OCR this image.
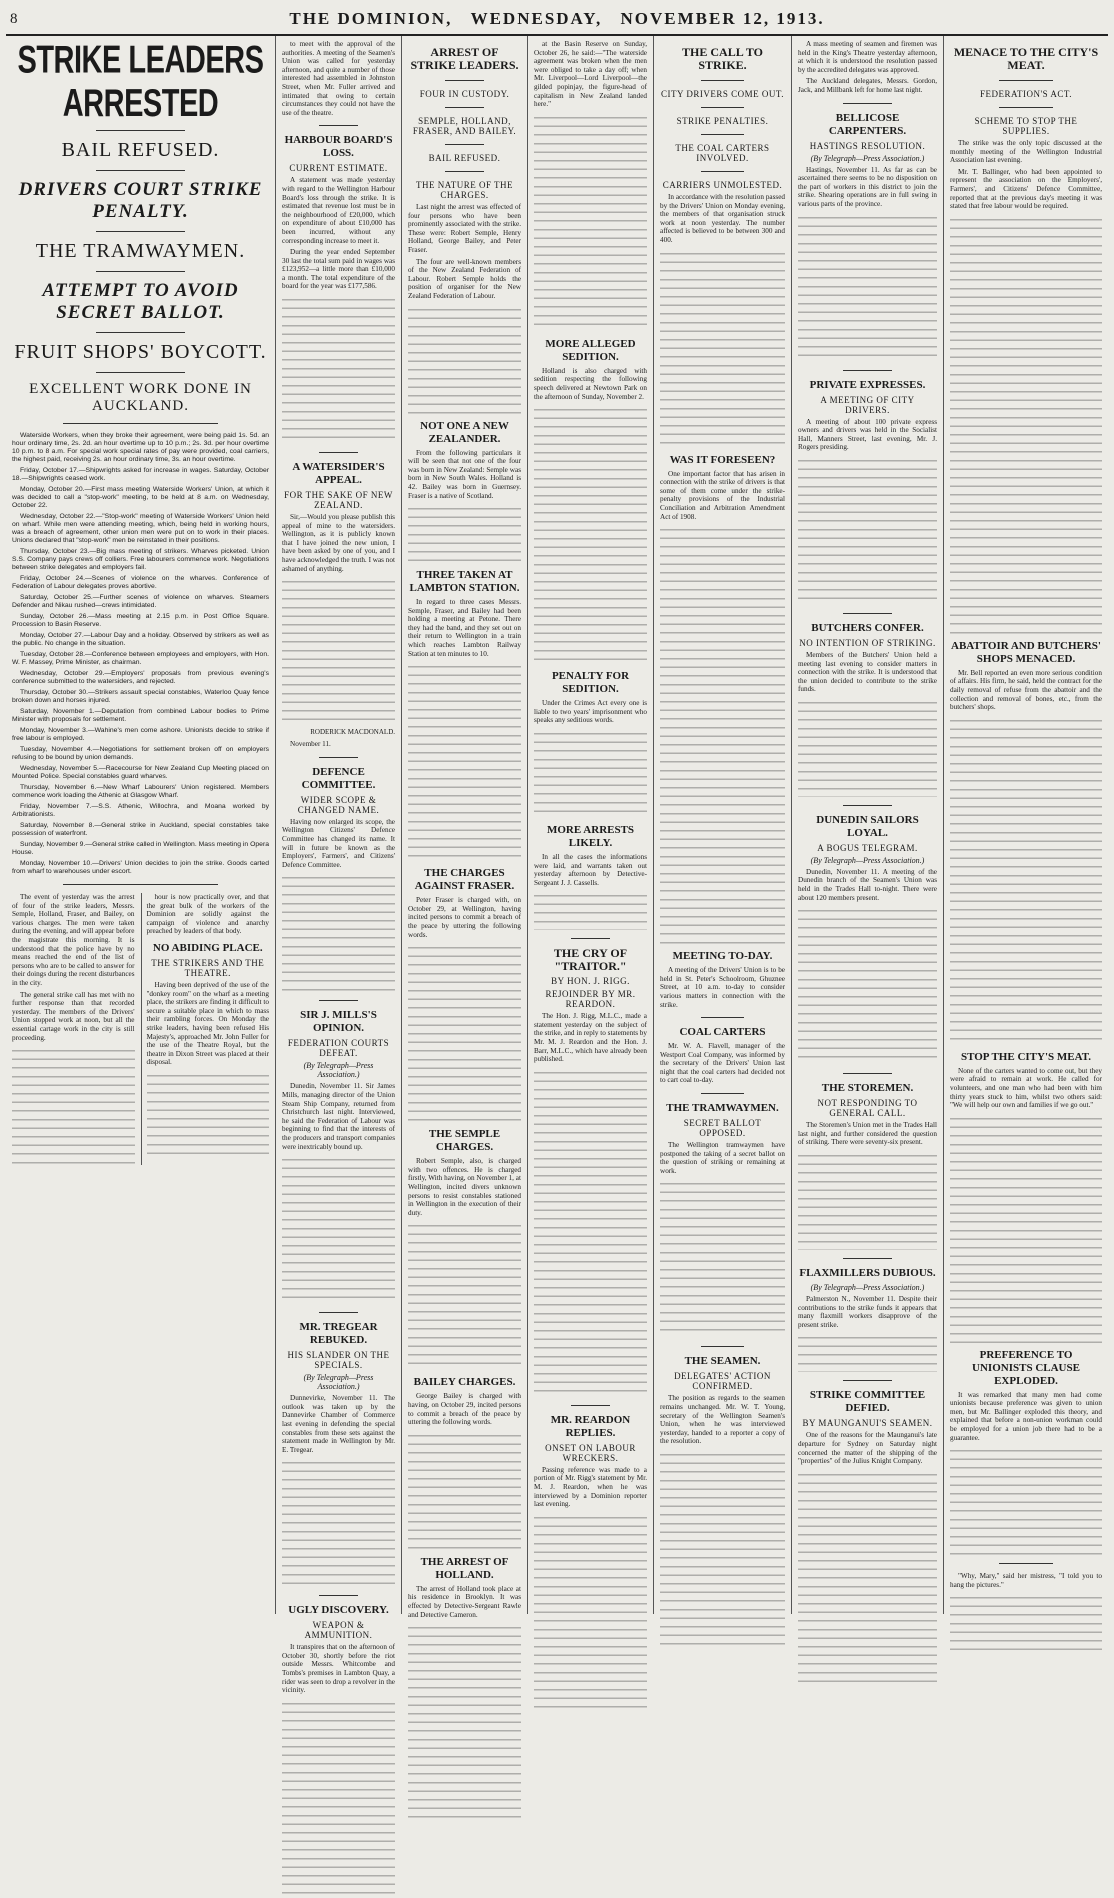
8	THE DOMINION, WEDNESDAY, NOVEMBER 12, 1913.
STRIKE LEADERS ARRESTED
BAIL REFUSED.
DRIVERS COURT STRIKE PENALTY.
THE TRAMWAYMEN.
ATTEMPT TO AVOID SECRET BALLOT.
FRUIT SHOPS' BOYCOTT.
EXCELLENT WORK DONE IN AUCKLAND.

Waterside Workers, when they broke their agreement, were being paid 1s. 5d. an hour ordinary time, 2s. 2d. an hour overtime up to 10 p.m.; 2s. 3d. per hour overtime 10 p.m. to 8 a.m. For special work special rates of pay were provided, coal carriers, the highest paid, receiving 2s. an hour ordinary time, 3s. an hour overtime.

Friday, October 17.—Shipwrights asked for increase in wages. Saturday, October 18.—Shipwrights ceased work.

Monday, October 20.—First mass meeting Waterside Workers' Union, at which it was decided to call a "stop-work" meeting, to be held at 8 a.m. on Wednesday, October 22.

Wednesday, October 22.—"Stop-work" meeting of Waterside Workers' Union held on wharf. While men were attending meeting, which, being held in working hours, was a breach of agreement, other union men were put on to work in their places. Unions declared that "stop-work" men be reinstated in their positions.

Thursday, October 23.—Big mass meeting of strikers. Wharves picketed. Union S.S. Company pays crews off colliers. Free labourers commence work. Negotiations between strike delegates and employers fail.

Friday, October 24.—Scenes of violence on the wharves. Conference of Federation of Labour delegates proves abortive.

Saturday, October 25.—Further scenes of violence on wharves. Steamers Defender and Nikau rushed—crews intimidated.

Sunday, October 26.—Mass meeting at 2.15 p.m. in Post Office Square. Procession to Basin Reserve.

Monday, October 27.—Labour Day and a holiday. Observed by strikers as well as the public. No change in the situation.

Tuesday, October 28.—Conference between employees and employers, with Hon. W. F. Massey, Prime Minister, as chairman.

Wednesday, October 29.—Employers' proposals from previous evening's conference submitted to the watersiders, and rejected.

Thursday, October 30.—Strikers assault special constables, Waterloo Quay fence broken down and horses injured.

Saturday, November 1.—Deputation from combined Labour bodies to Prime Minister with proposals for settlement.

Monday, November 3.—Wahine's men come ashore. Unionists decide to strike if free labour is employed.

Tuesday, November 4.—Negotiations for settlement broken off on employers refusing to be bound by union demands.

Wednesday, November 5.—Racecourse for New Zealand Cup Meeting placed on Mounted Police. Special constables guard wharves.

Thursday, November 6.—New Wharf Labourers' Union registered. Members commence work loading the Athenic at Glasgow Wharf.

Friday, November 7.—S.S. Athenic, Willochra, and Moana worked by Arbitrationists.

Saturday, November 8.—General strike in Auckland, special constables take possession of waterfront.

Sunday, November 9.—General strike called in Wellington. Mass meeting in Opera House.

Monday, November 10.—Drivers' Union decides to join the strike. Goods carted from wharf to warehouses under escort.

The event of yesterday was the arrest of four of the strike leaders, Messrs. Semple, Holland, Fraser, and Bailey, on various charges. The men were taken during the evening, and will appear before the magistrate this morning. It is understood that the police have by no means reached the end of the list of persons who are to be called to answer for their doings during the recent disturbances in the city.

The general strike call has met with no further response than that recorded yesterday. The members of the Drivers' Union stopped work at noon, but all the essential cartage work in the city is still proceeding.

hour is now practically over, and that the great bulk of the workers of the Dominion are solidly against the campaign of violence and anarchy preached by leaders of that body.

NO ABIDING PLACE.
THE STRIKERS AND THE THEATRE.

Having been deprived of the use of the "donkey room" on the wharf as a meeting place, the strikers are finding it difficult to secure a suitable place in which to mass their rambling forces. On Monday the strike leaders, having been refused His Majesty's, approached Mr. John Fuller for the use of the Theatre Royal, but the theatre in Dixon Street was placed at their disposal.

to meet with the approval of the authorities. A meeting of the Seamen's Union was called for yesterday afternoon, and quite a number of those interested had assembled in Johnston Street, when Mr. Fuller arrived and intimated that owing to certain circumstances they could not have the use of the theatre.

HARBOUR BOARD'S LOSS.
CURRENT ESTIMATE.

A statement was made yesterday with regard to the Wellington Harbour Board's loss through the strike. It is estimated that revenue lost must be in the neighbourhood of £20,000, which on expenditure of about £10,000 has been incurred, without any corresponding increase to meet it.

During the year ended September 30 last the total sum paid in wages was £123,952—a little more than £10,000 a month. The total expenditure of the board for the year was £177,586.

A WATERSIDER'S APPEAL.
FOR THE SAKE OF NEW ZEALAND.

Sir,—Would you please publish this appeal of mine to the watersiders. Wellington, as it is publicly known that I have joined the new union, I have been asked by one of you, and I have acknowledged the truth. I was not ashamed of anything.

RODERICK MACDONALD.

November 11.

DEFENCE COMMITTEE.
WIDER SCOPE & CHANGED NAME.

Having now enlarged its scope, the Wellington Citizens' Defence Committee has changed its name. It will in future be known as the Employers', Farmers', and Citizens' Defence Committee.

SIR J. MILLS'S OPINION.
FEDERATION COURTS DEFEAT.
(By Telegraph—Press Association.)

Dunedin, November 11. Sir James Mills, managing director of the Union Steam Ship Company, returned from Christchurch last night. Interviewed, he said the Federation of Labour was beginning to find that the interests of the producers and transport companies were inextricably bound up.

MR. TREGEAR REBUKED.
HIS SLANDER ON THE SPECIALS.
(By Telegraph—Press Association.)

Dunnevirke, November 11. The outlook was taken up by the Dannevirke Chamber of Commerce last evening in defending the special constables from these sets against the statement made in Wellington by Mr. E. Tregear.

UGLY DISCOVERY.
WEAPON & AMMUNITION.

It transpires that on the afternoon of October 30, shortly before the riot outside Messrs. Whitcombe and Tombs's premises in Lambton Quay, a rider was seen to drop a revolver in the vicinity.

ARREST OF STRIKE LEADERS.
FOUR IN CUSTODY.
SEMPLE, HOLLAND, FRASER, AND BAILEY.
BAIL REFUSED.
THE NATURE OF THE CHARGES.

Last night the arrest was effected of four persons who have been prominently associated with the strike. These were: Robert Semple, Henry Holland, George Bailey, and Peter Fraser.

The four are well-known members of the New Zealand Federation of Labour. Robert Semple holds the position of organiser for the New Zealand Federation of Labour.

NOT ONE A NEW ZEALANDER.

From the following particulars it will be seen that not one of the four was born in New Zealand: Semple was born in New South Wales. Holland is 42. Bailey was born in Guernsey. Fraser is a native of Scotland.

THREE TAKEN AT LAMBTON STATION.

In regard to three cases Messrs. Semple, Fraser, and Bailey had been holding a meeting at Petone. There they had the band, and they set out on their return to Wellington in a train which reaches Lambton Railway Station at ten minutes to 10.

THE CHARGES AGAINST FRASER.

Peter Fraser is charged with, on October 29, at Wellington, having incited persons to commit a breach of the peace by uttering the following words.

THE SEMPLE CHARGES.

Robert Semple, also, is charged with two offences. He is charged firstly, With having, on November 1, at Wellington, incited divers unknown persons to resist constables stationed in Wellington in the execution of their duty.

BAILEY CHARGES.

George Bailey is charged with having, on October 29, incited persons to commit a breach of the peace by uttering the following words.

THE ARREST OF HOLLAND.

The arrest of Holland took place at his residence in Brooklyn. It was effected by Detective-Sergeant Rawle and Detective Cameron.

at the Basin Reserve on Sunday, October 26, he said:—"The waterside agreement was broken when the men were obliged to take a day off; when Mr. Liverpool—Lord Liverpool—the gilded popinjay, the figure-head of capitalism in New Zealand landed here."

MORE ALLEGED SEDITION.

Holland is also charged with sedition respecting the following speech delivered at Newtown Park on the afternoon of Sunday, November 2.

PENALTY FOR SEDITION.

Under the Crimes Act every one is liable to two years' imprisonment who speaks any seditious words.

MORE ARRESTS LIKELY.

In all the cases the informations were laid, and warrants taken out yesterday afternoon by Detective-Sergeant J. J. Cassells.

THE CRY OF "TRAITOR."
BY HON. J. RIGG.
REJOINDER BY MR. REARDON.

The Hon. J. Rigg, M.L.C., made a statement yesterday on the subject of the strike, and in reply to statements by Mr. M. J. Reardon and the Hon. J. Barr, M.L.C., which have already been published.

MR. REARDON REPLIES.
ONSET ON LABOUR WRECKERS.

Passing reference was made to a portion of Mr. Rigg's statement by Mr. M. J. Reardon, when he was interviewed by a Dominion reporter last evening.

THE CALL TO STRIKE.
CITY DRIVERS COME OUT.
STRIKE PENALTIES.
THE COAL CARTERS INVOLVED.
CARRIERS UNMOLESTED.

In accordance with the resolution passed by the Drivers' Union on Monday evening, the members of that organisation struck work at noon yesterday. The number affected is believed to be between 300 and 400.

WAS IT FORESEEN?

One important factor that has arisen in connection with the strike of drivers is that some of them come under the strike-penalty provisions of the Industrial Conciliation and Arbitration Amendment Act of 1908.

MEETING TO-DAY.

A meeting of the Drivers' Union is to be held in St. Peter's Schoolroom, Ghuznee Street, at 10 a.m. to-day to consider various matters in connection with the strike.

COAL CARTERS

Mr. W. A. Flavell, manager of the Westport Coal Company, was informed by the secretary of the Drivers' Union last night that the coal carters had decided not to cart coal to-day.

THE TRAMWAYMEN.
SECRET BALLOT OPPOSED.

The Wellington tramwaymen have postponed the taking of a secret ballot on the question of striking or remaining at work.

THE SEAMEN.
DELEGATES' ACTION CONFIRMED.

The position as regards to the seamen remains unchanged. Mr. W. T. Young, secretary of the Wellington Seamen's Union, when he was interviewed yesterday, handed to a reporter a copy of the resolution.

A mass meeting of seamen and firemen was held in the King's Theatre yesterday afternoon, at which it is understood the resolution passed by the accredited delegates was approved.

The Auckland delegates, Messrs. Gordon, Jack, and Millbank left for home last night.

BELLICOSE CARPENTERS.
HASTINGS RESOLUTION.
(By Telegraph—Press Association.)

Hastings, November 11. As far as can be ascertained there seems to be no disposition on the part of workers in this district to join the strike. Shearing operations are in full swing in various parts of the province.

PRIVATE EXPRESSES.
A MEETING OF CITY DRIVERS.

A meeting of about 100 private express owners and drivers was held in the Socialist Hall, Manners Street, last evening, Mr. J. Rogers presiding.

BUTCHERS CONFER.
NO INTENTION OF STRIKING.

Members of the Butchers' Union held a meeting last evening to consider matters in connection with the strike. It is understood that the union decided to contribute to the strike funds.

DUNEDIN SAILORS LOYAL.
A BOGUS TELEGRAM.
(By Telegraph—Press Association.)

Dunedin, November 11. A meeting of the Dunedin branch of the Seamen's Union was held in the Trades Hall to-night. There were about 120 members present.

THE STOREMEN.
NOT RESPONDING TO GENERAL CALL.

The Storemen's Union met in the Trades Hall last night, and further considered the question of striking. There were seventy-six present.

FLAXMILLERS DUBIOUS.
(By Telegraph—Press Association.)

Palmerston N., November 11. Despite their contributions to the strike funds it appears that many flaxmill workers disapprove of the present strike.

STRIKE COMMITTEE DEFIED.
BY MAUNGANUI'S SEAMEN.

One of the reasons for the Maunganui's late departure for Sydney on Saturday night concerned the matter of the shipping of the "properties" of the Julius Knight Company.

MENACE TO THE CITY'S MEAT.
FEDERATION'S ACT.
SCHEME TO STOP THE SUPPLIES.

The strike was the only topic discussed at the monthly meeting of the Wellington Industrial Association last evening.

Mr. T. Ballinger, who had been appointed to represent the association on the Employers', Farmers', and Citizens' Defence Committee, reported that at the previous day's meeting it was stated that free labour would be required.

ABATTOIR AND BUTCHERS' SHOPS MENACED.

Mr. Bell reported an even more serious condition of affairs. His firm, he said, held the contract for the daily removal of refuse from the abattoir and the collection and removal of bones, etc., from the butchers' shops.

STOP THE CITY'S MEAT.

None of the carters wanted to come out, but they were afraid to remain at work. He called for volunteers, and one man who had been with him thirty years stuck to him, whilst two others said: "We will help our own and families if we go out."

PREFERENCE TO UNIONISTS CLAUSE EXPLODED.

It was remarked that many men had come unionists because preference was given to union men, but Mr. Ballinger exploded this theory, and explained that before a non-union workman could be employed for a union job there had to be a guarantee.

"Why, Mary," said her mistress, "I told you to hang the pictures."
